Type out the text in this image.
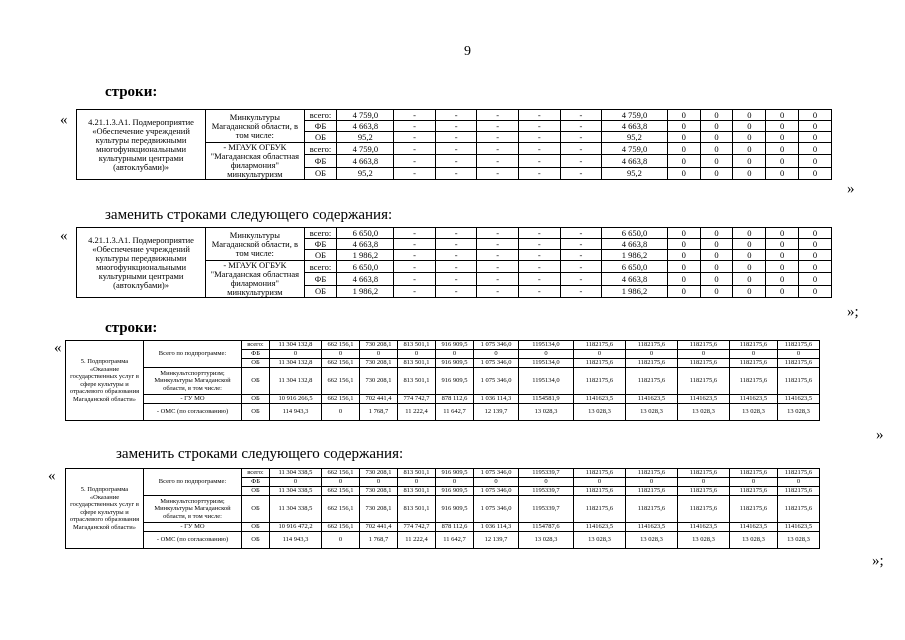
9
строки:
«
»
4.21.1.3.А1. Подмероприятие «Обеспечение учреждений культуры передвижными многофункциональными культурными центрами (автоклубами)»	Минкультуры Магаданской области, в том числе:	всего:	4 759,0	-	-	-	-	-	4 759,0	0	0	0	0	0
		ФБ	4 663,8	-	-	-	-	-	4 663,8	0	0	0	0	0
		ОБ	95,2	-	-	-	-	-	95,2	0	0	0	0	0
	- МГАУК ОГБУК "Магаданская областная филармония" минкультуризм	всего:	4 759,0	-	-	-	-	-	4 759,0	0	0	0	0	0
		ФБ	4 663,8	-	-	-	-	-	4 663,8	0	0	0	0	0
		ОБ	95,2	-	-	-	-	-	95,2	0	0	0	0	0
заменить строками следующего содержания:
«
»;
4.21.1.3.А1. Подмероприятие «Обеспечение учреждений культуры передвижными многофункциональными культурными центрами (автоклубами)»	Минкультуры Магаданской области, в том числе:	всего:	6 650,0	-	-	-	-	-	6 650,0	0	0	0	0	0
		ФБ	4 663,8	-	-	-	-	-	4 663,8	0	0	0	0	0
		ОБ	1 986,2	-	-	-	-	-	1 986,2	0	0	0	0	0
	- МГАУК ОГБУК "Магаданская областная филармония" минкультуризм	всего:	6 650,0	-	-	-	-	-	6 650,0	0	0	0	0	0
		ФБ	4 663,8	-	-	-	-	-	4 663,8	0	0	0	0	0
		ОБ	1 986,2	-	-	-	-	-	1 986,2	0	0	0	0	0
строки:
«
»
5. Подпрограмма «Оказание государственных услуг в сфере культуры и отраслевого образования Магаданской области»	Всего по подпрограмме:	всего:	11 304 132,8	662 156,1	730 208,1	813 501,1	916 909,5	1 075 346,0	1195134,0	1182175,6	1182175,6	1182175,6	1182175,6	1182175,6
		ФБ	0	0	0	0	0	0	0	0	0	0	0	0
		ОБ	11 304 132,8	662 156,1	730 208,1	813 501,1	916 909,5	1 075 346,0	1195134,0	1182175,6	1182175,6	1182175,6	1182175,6	1182175,6
	Минкультспорттуризм; Минкультуры Магаданской области, в том числе:	ОБ	11 304 132,8	662 156,1	730 208,1	813 501,1	916 909,5	1 075 346,0	1195134,0	1182175,6	1182175,6	1182175,6	1182175,6	1182175,6
	- ГУ МО	ОБ	10 916 266,5	662 156,1	702 441,4	774 742,7	878 112,6	1 036 114,3	1154581,9	1141623,5	1141623,5	1141623,5	1141623,5	1141623,5
	- ОМС (по согласованию)	ОБ	114 943,3	0	1 768,7	11 222,4	11 642,7	12 139,7	13 028,3	13 028,3	13 028,3	13 028,3	13 028,3	13 028,3
заменить строками следующего содержания:
«
»;
5. Подпрограмма «Оказание государственных услуг в сфере культуры и отраслевого образования Магаданской области»	Всего по подпрограмме:	всего:	11 304 338,5	662 156,1	730 208,1	813 501,1	916 909,5	1 075 346,0	1195339,7	1182175,6	1182175,6	1182175,6	1182175,6	1182175,6
		ФБ	0	0	0	0	0	0	0	0	0	0	0	0
		ОБ	11 304 338,5	662 156,1	730 208,1	813 501,1	916 909,5	1 075 346,0	1195339,7	1182175,6	1182175,6	1182175,6	1182175,6	1182175,6
	Минкультспорттуризм; Минкультуры Магаданской области, в том числе:	ОБ	11 304 338,5	662 156,1	730 208,1	813 501,1	916 909,5	1 075 346,0	1195339,7	1182175,6	1182175,6	1182175,6	1182175,6	1182175,6
	- ГУ МО	ОБ	10 916 472,2	662 156,1	702 441,4	774 742,7	878 112,6	1 036 114,3	1154787,6	1141623,5	1141623,5	1141623,5	1141623,5	1141623,5
	- ОМС (по согласованию)	ОБ	114 943,3	0	1 768,7	11 222,4	11 642,7	12 139,7	13 028,3	13 028,3	13 028,3	13 028,3	13 028,3	13 028,3
